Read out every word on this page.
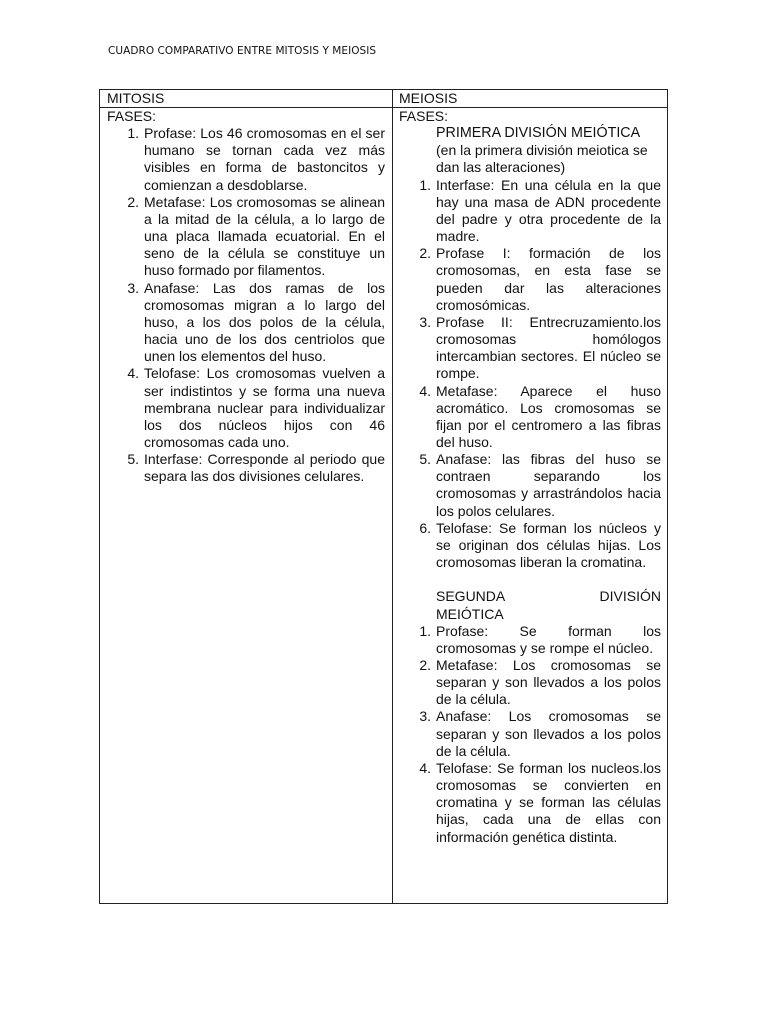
CUADRO COMPARATIVO ENTRE MITOSIS Y MEIOSIS
MITOSIS	MEIOSIS
FASES:
1. Profase: Los 46 cromosomas en el ser humano se tornan cada vez más visibles en forma de bastoncitos y comienzan a desdoblarse.
2. Metafase: Los cromosomas se alinean a la mitad de la célula, a lo largo de una placa llamada ecuatorial. En el seno de la célula se constituye un huso formado por filamentos.
3. Anafase: Las dos ramas de los cromosomas migran a lo largo del huso, a los dos polos de la célula, hacia uno de los dos centriolos que unen los elementos del huso.
4. Telofase: Los cromosomas vuelven a ser indistintos y se forma una nueva membrana nuclear para individualizar los dos núcleos hijos con 46 cromosomas cada uno.
5. Interfase: Corresponde al periodo que separa las dos divisiones celulares.
FASES:
PRIMERA DIVISIÓN MEIÓTICA
(en la primera división meiotica se dan las alteraciones)
1. Interfase: En una célula en la que hay una masa de ADN procedente del padre y otra procedente de la madre.
2. Profase I: formación de los cromosomas, en esta fase se pueden dar las alteraciones cromosómicas.
3. Profase II: Entrecruzamiento.los cromosomas homólogos intercambian sectores. El núcleo se rompe.
4. Metafase: Aparece el huso acromático. Los cromosomas se fijan por el centromero a las fibras del huso.
5. Anafase: las fibras del huso se contraen separando los cromosomas y arrastrándolos hacia los polos celulares.
6. Telofase: Se forman los núcleos y se originan dos células hijas. Los cromosomas liberan la cromatina.
SEGUNDA DIVISIÓN
MEIÓTICA
1. Profase: Se forman los cromosomas y se rompe el núcleo.
2. Metafase: Los cromosomas se separan y son llevados a los polos de la célula.
3. Anafase: Los cromosomas se separan y son llevados a los polos de la célula.
4. Telofase: Se forman los nucleos.los cromosomas se convierten en cromatina y se forman las células hijas, cada una de ellas con información genética distinta.
